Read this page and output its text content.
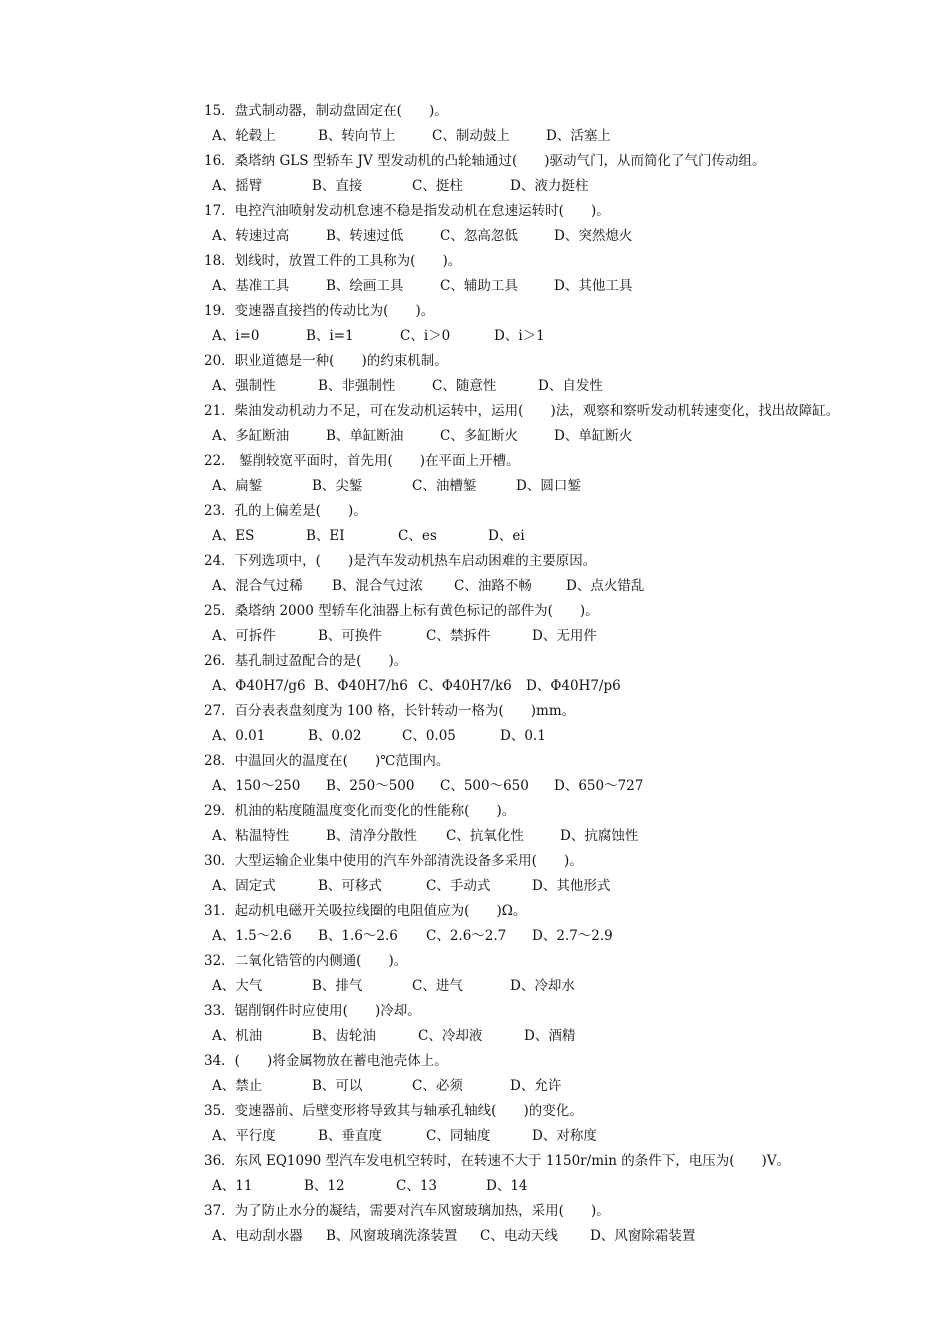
15．盘式制动器，制动盘固定在(　　)。
A、轮毂上	B、转向节上	C、制动鼓上	D、活塞上
16．桑塔纳 GLS 型轿车 JV 型发动机的凸轮轴通过(　　)驱动气门，从而简化了气门传动组。
A、摇臂	B、直接	C、挺柱	D、液力挺柱
17．电控汽油喷射发动机怠速不稳是指发动机在怠速运转时(　　)。
A、转速过高	B、转速过低	C、忽高忽低	D、突然熄火
18．划线时，放置工件的工具称为(　　)。
A、基准工具	B、绘画工具	C、辅助工具	D、其他工具
19．变速器直接挡的传动比为(　　)。
A、i=0	B、i=1	C、i＞0	D、i＞1
20．职业道德是一种(　　)的约束机制。
A、强制性	B、非强制性	C、随意性	D、自发性
21．柴油发动机动力不足，可在发动机运转中，运用(　　)法，观察和察听发动机转速变化，找出故障缸。
A、多缸断油	B、单缸断油	C、多缸断火	D、单缸断火
22． 錾削较宽平面时，首先用(　　)在平面上开槽。
A、扁錾	B、尖錾	C、油槽錾	D、圆口錾
23．孔的上偏差是(　　)。
A、ES	B、EI	C、es	D、ei
24．下列选项中，(　　)是汽车发动机热车启动困难的主要原因。
A、混合气过稀 B、混合气过浓 C、油路不畅	D、点火错乱
25．桑塔纳 2000 型轿车化油器上标有黄色标记的部件为(　　)。
A、可拆件	B、可换件	C、禁拆件	D、无用件
26．基孔制过盈配合的是(　　)。
A、Φ40H7/g6 B、Φ40H7/h6 C、Φ40H7/k6 D、Φ40H7/p6
27．百分表表盘刻度为 100 格，长针转动一格为(　　)mm。
A、0.01	B、0.02	C、0.05	D、0.1
28．中温回火的温度在(　　)℃范围内。
A、150～250 B、250～500 C、500～650 D、650～727
29．机油的粘度随温度变化而变化的性能称(　　)。
A、粘温特性	B、清净分散性 C、抗氧化性	D、抗腐蚀性
30．大型运输企业集中使用的汽车外部清洗设备多采用(　　)。
A、固定式	B、可移式	C、手动式	D、其他形式
31．起动机电磁开关吸拉线圈的电阻值应为(　　)Ω。
A、1.5～2.6 B、1.6～2.6 C、2.6～2.7 D、2.7～2.9
32．二氧化锆管的内侧通(　　)。
A、大气	B、排气	C、进气	D、冷却水
33．锯削钢件时应使用(　　)冷却。
A、机油	B、齿轮油	C、冷却液	D、酒精
34．(　　)将金属物放在蓄电池壳体上。
A、禁止	B、可以	C、必须	D、允许
35．变速器前、后壁变形将导致其与轴承孔轴线(　　)的变化。
A、平行度	B、垂直度	C、同轴度	D、对称度
36．东风 EQ1090 型汽车发电机空转时，在转速不大于 1150r/min 的条件下，电压为(　　)V。
A、11	B、12	C、13	D、14
37．为了防止水分的凝结，需要对汽车风窗玻璃加热，采用(　　)。
A、电动刮水器 B、风窗玻璃洗涤装置 C、电动天线 D、风窗除霜装置
